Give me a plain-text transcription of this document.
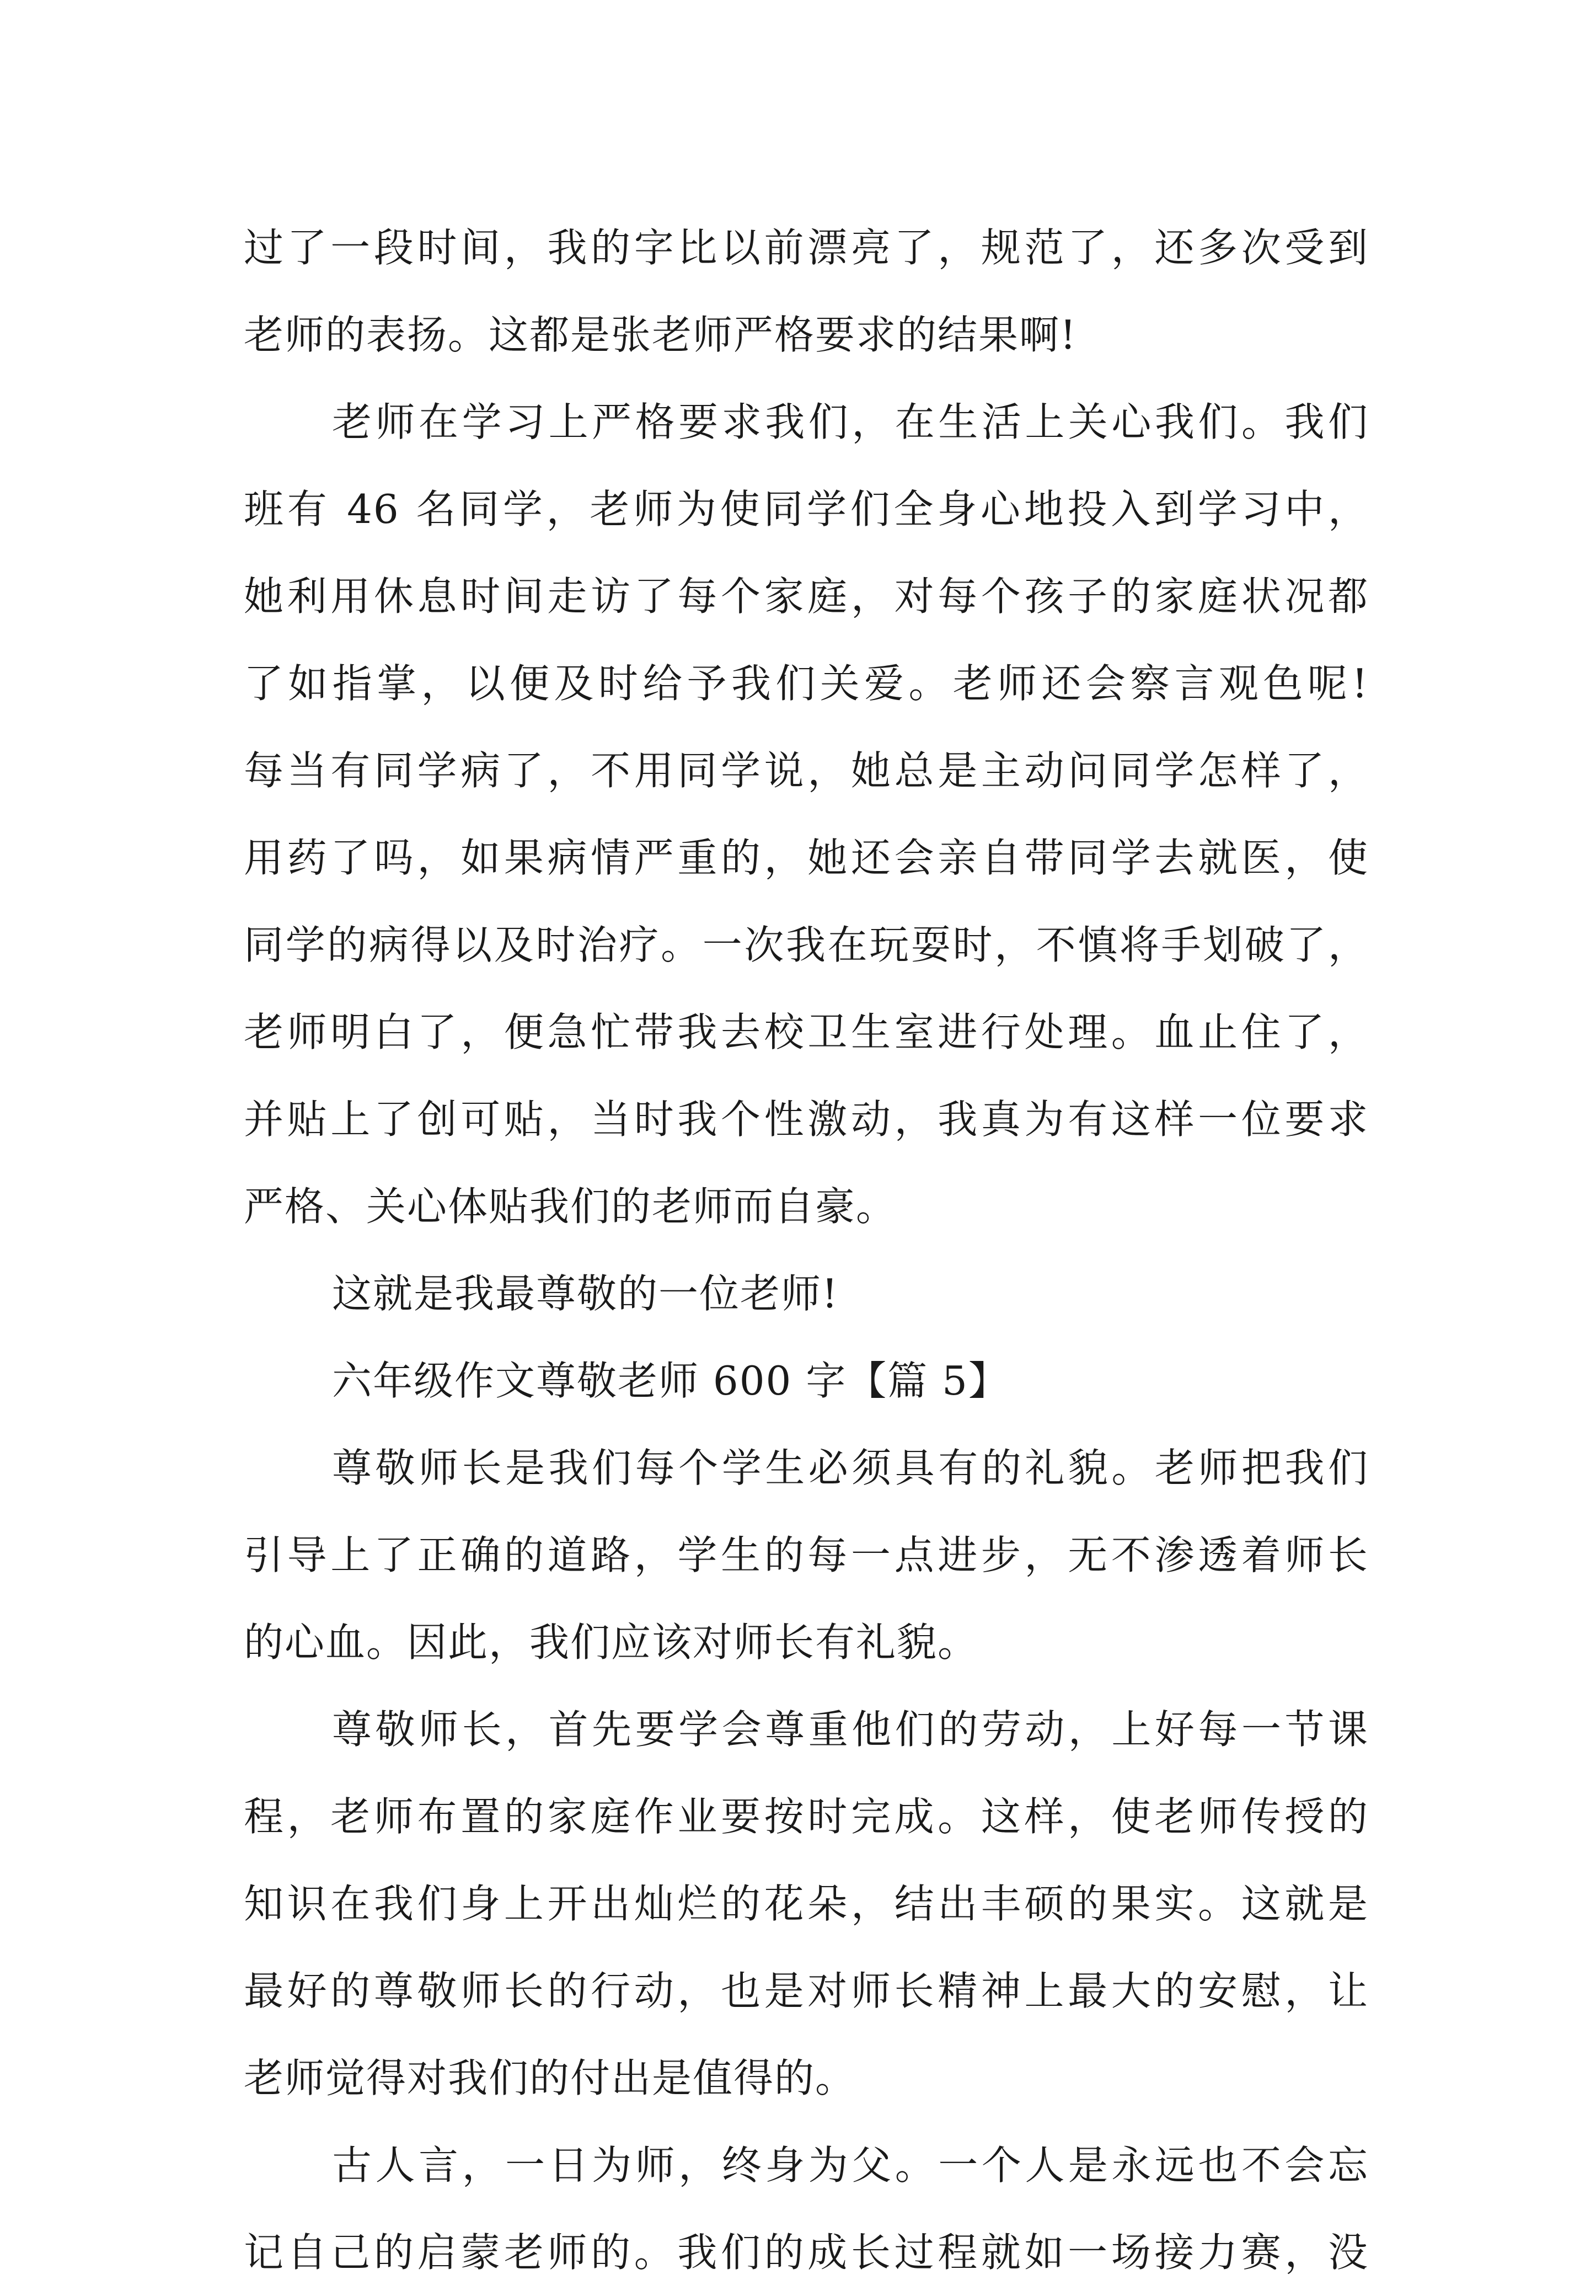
过了一段时间，我的字比以前漂亮了，规范了，还多次受到
老师的表扬。这都是张老师严格要求的结果啊!
老师在学习上严格要求我们，在生活上关心我们。我们
班有 46 名同学，老师为使同学们全身心地投入到学习中，
她利用休息时间走访了每个家庭，对每个孩子的家庭状况都
了如指掌，以便及时给予我们关爱。老师还会察言观色呢!
每当有同学病了，不用同学说，她总是主动问同学怎样了，
用药了吗，如果病情严重的，她还会亲自带同学去就医，使
同学的病得以及时治疗。一次我在玩耍时，不慎将手划破了，
老师明白了，便急忙带我去校卫生室进行处理。血止住了，
并贴上了创可贴，当时我个性激动，我真为有这样一位要求
严格、关心体贴我们的老师而自豪。
这就是我最尊敬的一位老师!
六年级作文尊敬老师 600 字【篇 5】
尊敬师长是我们每个学生必须具有的礼貌。老师把我们
引导上了正确的道路，学生的每一点进步，无不渗透着师长
的心血。因此，我们应该对师长有礼貌。
尊敬师长，首先要学会尊重他们的劳动，上好每一节课
程，老师布置的家庭作业要按时完成。这样，使老师传授的
知识在我们身上开出灿烂的花朵，结出丰硕的果实。这就是
最好的尊敬师长的行动，也是对师长精神上最大的安慰，让
老师觉得对我们的付出是值得的。
古人言，一日为师，终身为父。一个人是永远也不会忘
记自己的启蒙老师的。我们的成长过程就如一场接力赛，没
